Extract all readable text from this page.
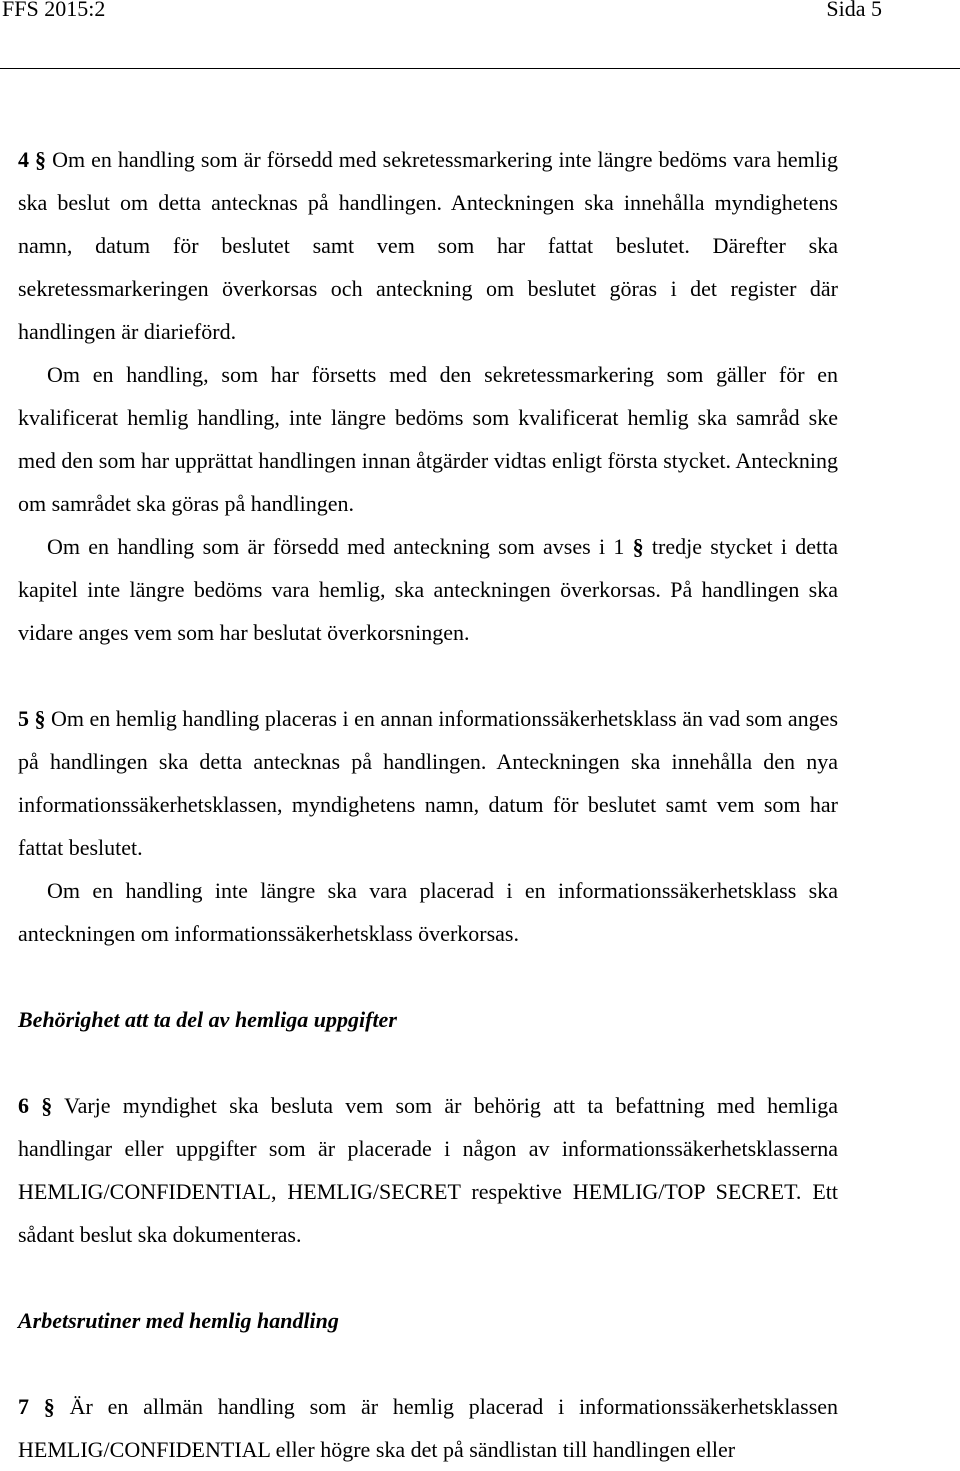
FFS 2015:2	Sida 5

4 § Om en handling som är försedd med sekretessmarkering inte längre bedöms vara hemlig ska beslut om detta antecknas på handlingen. Anteckningen ska innehålla myndighetens namn, datum för beslutet samt vem som har fattat beslutet. Därefter ska sekretessmarkeringen överkorsas och anteckning om beslutet göras i det register där handlingen är diarieförd.

Om en handling, som har försetts med den sekretessmarkering som gäller för en kvalificerat hemlig handling, inte längre bedöms som kvalificerat hemlig ska samråd ske med den som har upprättat handlingen innan åtgärder vidtas enligt första stycket. Anteckning om samrådet ska göras på handlingen.

Om en handling som är försedd med anteckning som avses i 1 § tredje stycket i detta kapitel inte längre bedöms vara hemlig, ska anteckningen överkorsas. På handlingen ska vidare anges vem som har beslutat överkorsningen.

5 § Om en hemlig handling placeras i en annan informationssäkerhetsklass än vad som anges på handlingen ska detta antecknas på handlingen. Anteckningen ska innehålla den nya informationssäkerhetsklassen, myndighetens namn, datum för beslutet samt vem som har fattat beslutet.

Om en handling inte längre ska vara placerad i en informationssäkerhetsklass ska anteckningen om informationssäkerhetsklass överkorsas.

Behörighet att ta del av hemliga uppgifter

6 § Varje myndighet ska besluta vem som är behörig att ta befattning med hemliga handlingar eller uppgifter som är placerade i någon av informationssäkerhetsklasserna HEMLIG/CONFIDENTIAL, HEMLIG/SECRET respektive HEMLIG/TOP SECRET. Ett sådant beslut ska dokumenteras.

Arbetsrutiner med hemlig handling

7 § Är en allmän handling som är hemlig placerad i informationssäkerhetsklassen HEMLIG/CONFIDENTIAL eller högre ska det på sändlistan till handlingen eller
